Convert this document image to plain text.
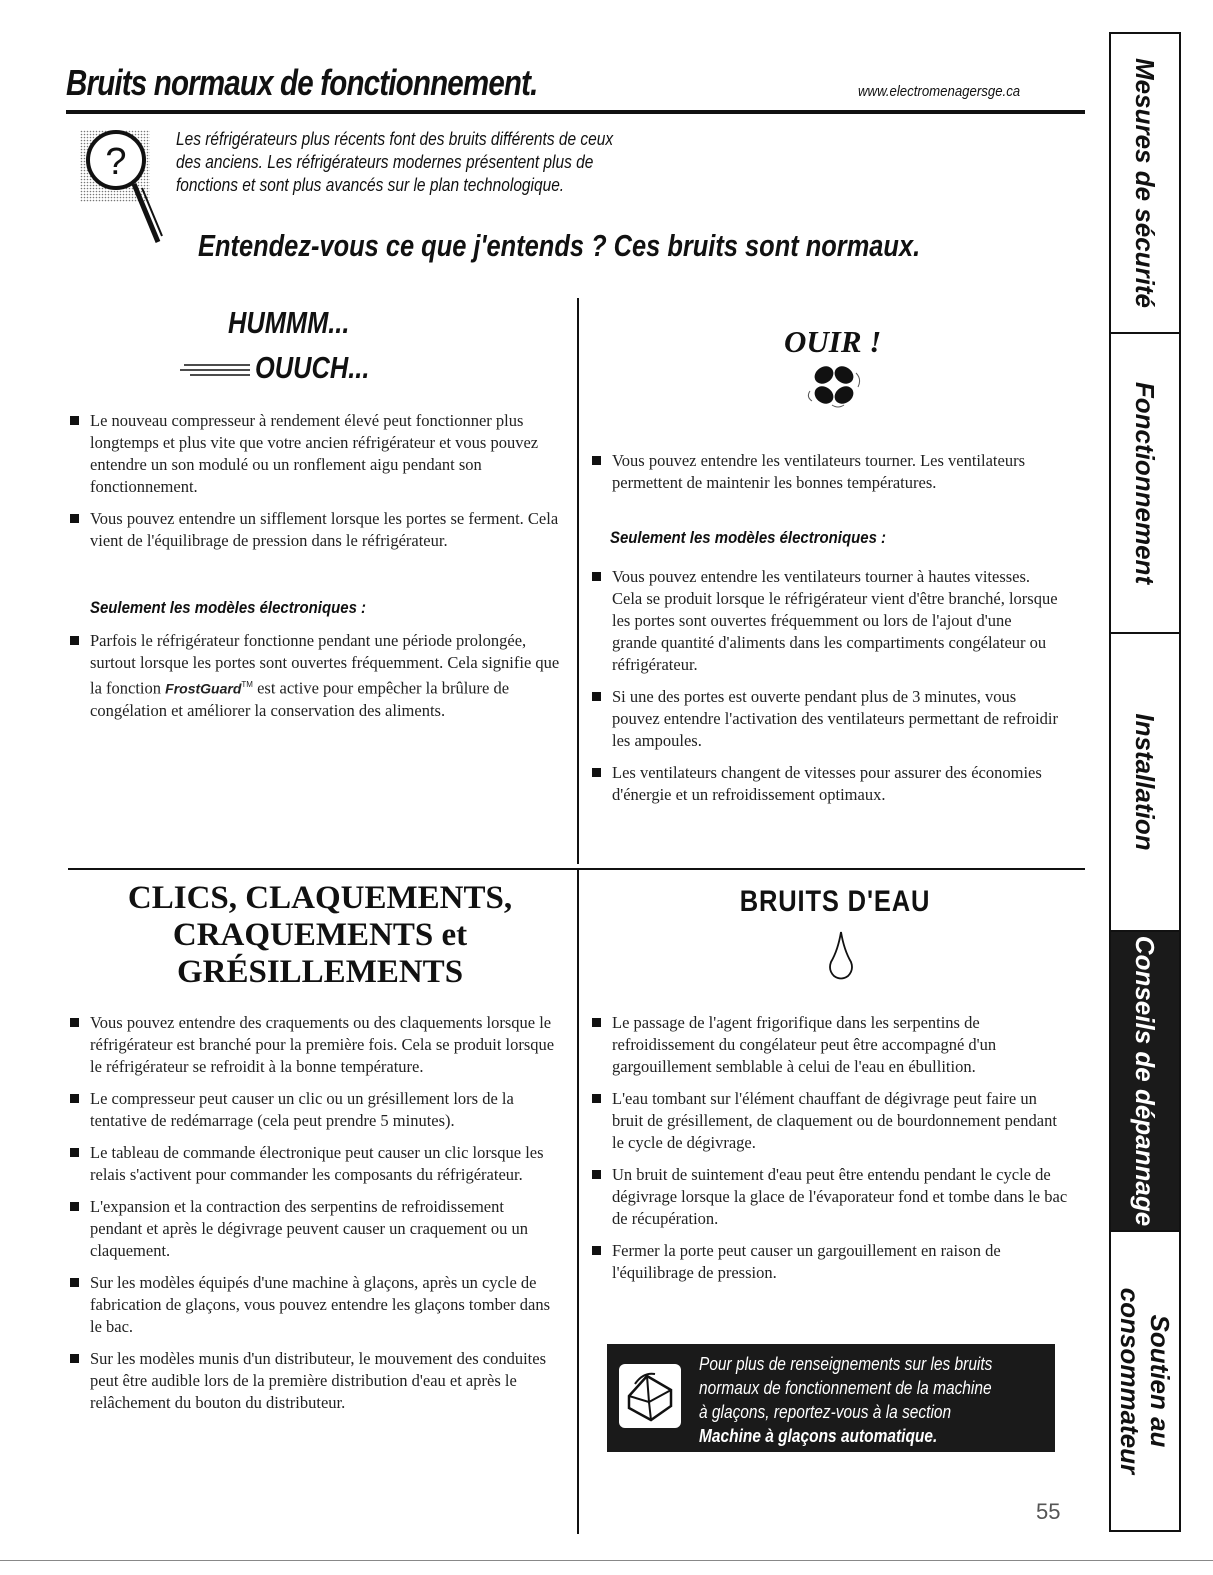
Bruits normaux de fonctionnement.	www.electromenagersge.ca
?

Les réfrigérateurs plus récents font des bruits différents de ceux

des anciens. Les réfrigérateurs modernes présentent plus de

fonctions et sont plus avancés sur le plan technologique.

Entendez-vous ce que j'entends ? Ces bruits sont normaux.
HUMMM...
OUUCH...
Le nouveau compresseur à rendement élevé peut fonctionner plus longtemps et plus vite que votre ancien réfrigérateur et vous pouvez entendre un son modulé ou un ronflement aigu pendant son fonctionnement.
Vous pouvez entendre un sifflement lorsque les portes se ferment. Cela vient de l'équilibrage de pression dans le réfrigérateur.
Seulement les modèles électroniques :
Parfois le réfrigérateur fonctionne pendant une période prolongée, surtout lorsque les portes sont ouvertes fréquemment. Cela signifie que la fonction FrostGuard™ est active pour empêcher la brûlure de congélation et améliorer la conservation des aliments.
OUIR !
Vous pouvez entendre les ventilateurs tourner. Les ventilateurs permettent de maintenir les bonnes températures.
Seulement les modèles électroniques :
Vous pouvez entendre les ventilateurs tourner à hautes vitesses. Cela se produit lorsque le réfrigérateur vient d'être branché, lorsque les portes sont ouvertes fréquemment ou lors de l'ajout d'une grande quantité d'aliments dans les compartiments congélateur ou réfrigérateur.
Si une des portes est ouverte pendant plus de 3 minutes, vous pouvez entendre l'activation des ventilateurs permettant de refroidir les ampoules.
Les ventilateurs changent de vitesses pour assurer des économies d'énergie et un refroidissement optimaux.
CLICS, CLAQUEMENTS,
CRAQUEMENTS et
GRÉSILLEMENTS
Vous pouvez entendre des craquements ou des claquements lorsque le réfrigérateur est branché pour la première fois. Cela se produit lorsque le réfrigérateur se refroidit à la bonne température.
Le compresseur peut causer un clic ou un grésillement lors de la tentative de redémarrage (cela peut prendre 5 minutes).
Le tableau de commande électronique peut causer un clic lorsque les relais s'activent pour commander les composants du réfrigérateur.
L'expansion et la contraction des serpentins de refroidissement pendant et après le dégivrage peuvent causer un craquement ou un claquement.
Sur les modèles équipés d'une machine à glaçons, après un cycle de fabrication de glaçons, vous pouvez entendre les glaçons tomber dans le bac.
Sur les modèles munis d'un distributeur, le mouvement des conduites peut être audible lors de la première distribution d'eau et après le relâchement du bouton du distributeur.
BRUITS D'EAU
Le passage de l'agent frigorifique dans les serpentins de refroidissement du congélateur peut être accompagné d'un gargouillement semblable à celui de l'eau en ébullition.
L'eau tombant sur l'élément chauffant de dégivrage peut faire un bruit de grésillement, de claquement ou de bourdonnement pendant le cycle de dégivrage.
Un bruit de suintement d'eau peut être entendu pendant le cycle de dégivrage lorsque la glace de l'évaporateur fond et tombe dans le bac de récupération.
Fermer la porte peut causer un gargouillement en raison de l'équilibrage de pression.
Pour plus de renseignements sur les bruits
normaux de fonctionnement de la machine
à glaçons, reportez-vous à la section
Machine à glaçons automatique.
55
Mesures de sécurité
Fonctionnement
Installation
Conseils de dépannage
Soutien au consommateur
